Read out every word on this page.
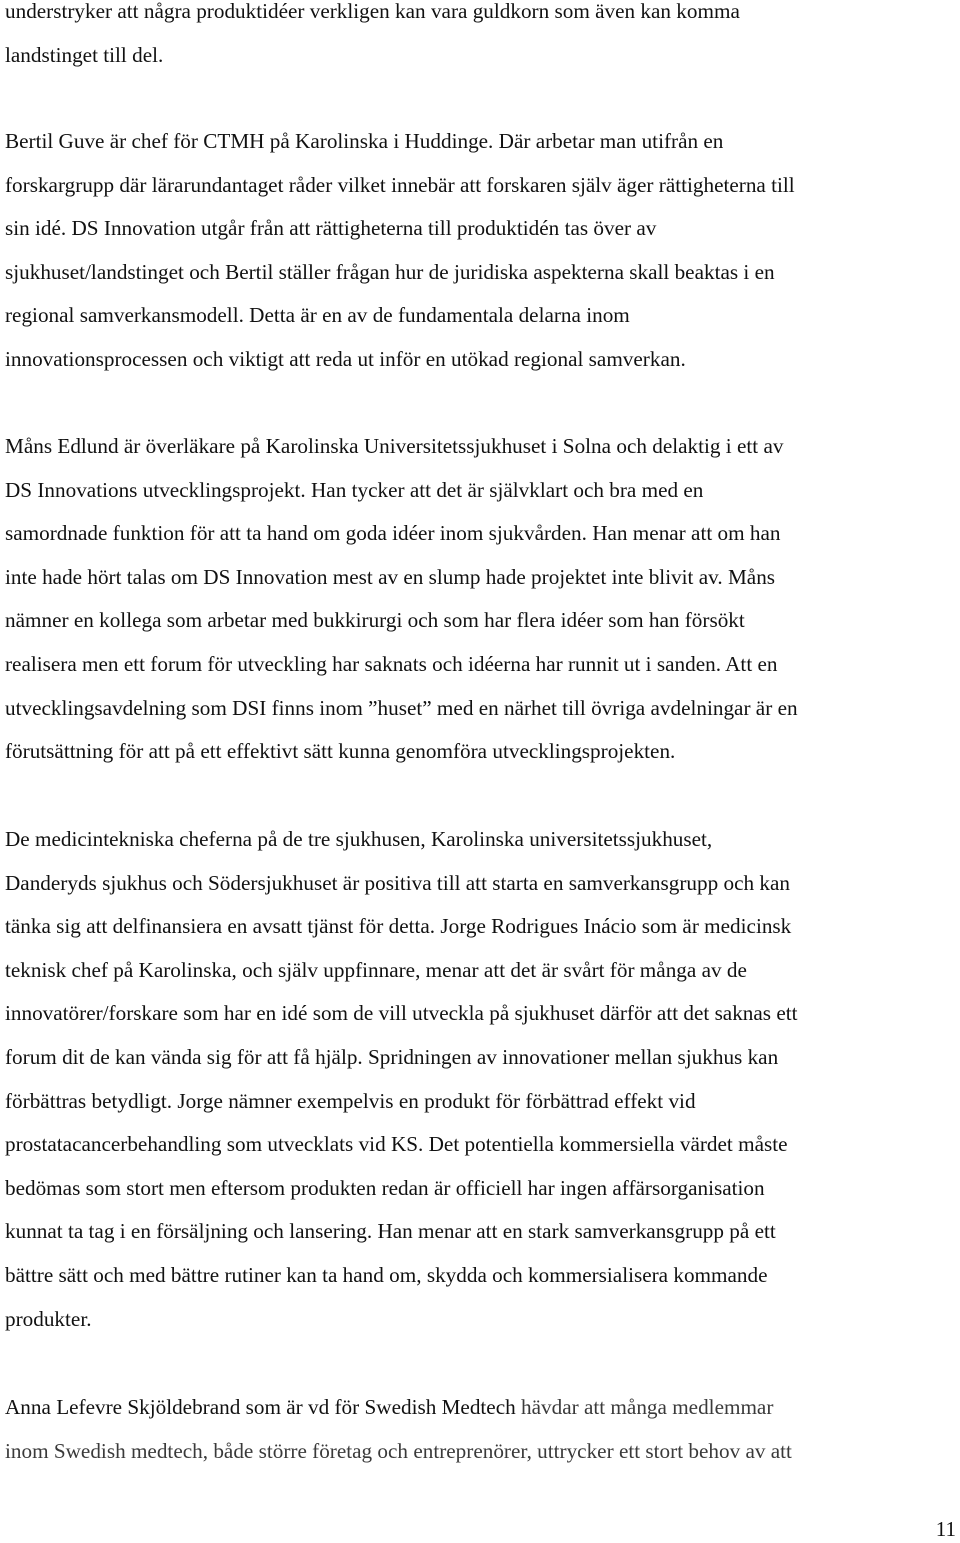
understryker att några produktidéer verkligen kan vara guldkorn som även kan komma
landstinget till del.
Bertil Guve är chef för CTMH på Karolinska i Huddinge. Där arbetar man utifrån en
forskargrupp där lärarundantaget råder vilket innebär att forskaren själv äger rättigheterna till
sin idé. DS Innovation utgår från att rättigheterna till produktidén tas över av
sjukhuset/landstinget och Bertil ställer frågan hur de juridiska aspekterna skall beaktas i en
regional samverkansmodell. Detta är en av de fundamentala delarna inom
innovationsprocessen och viktigt att reda ut inför en utökad regional samverkan.
Måns Edlund är överläkare på Karolinska Universitetssjukhuset i Solna och delaktig i ett av
DS Innovations utvecklingsprojekt. Han tycker att det är självklart och bra med en
samordnade funktion för att ta hand om goda idéer inom sjukvården. Han menar att om han
inte hade hört talas om DS Innovation mest av en slump hade projektet inte blivit av. Måns
nämner en kollega som arbetar med bukkirurgi och som har flera idéer som han försökt
realisera men ett forum för utveckling har saknats och idéerna har runnit ut i sanden. Att en
utvecklingsavdelning som DSI finns inom ”huset” med en närhet till övriga avdelningar är en
förutsättning för att på ett effektivt sätt kunna genomföra utvecklingsprojekten.
De medicintekniska cheferna på de tre sjukhusen, Karolinska universitetssjukhuset,
Danderyds sjukhus och Södersjukhuset är positiva till att starta en samverkansgrupp och kan
tänka sig att delfinansiera en avsatt tjänst för detta. Jorge Rodrigues Inácio som är medicinsk
teknisk chef på Karolinska, och själv uppfinnare, menar att det är svårt för många av de
innovatörer/forskare som har en idé som de vill utveckla på sjukhuset därför att det saknas ett
forum dit de kan vända sig för att få hjälp. Spridningen av innovationer mellan sjukhus kan
förbättras betydligt. Jorge nämner exempelvis en produkt för förbättrad effekt vid
prostatacancerbehandling som utvecklats vid KS. Det potentiella kommersiella värdet måste
bedömas som stort men eftersom produkten redan är officiell har ingen affärsorganisation
kunnat ta tag i en försäljning och lansering. Han menar att en stark samverkansgrupp på ett
bättre sätt och med bättre rutiner kan ta hand om, skydda och kommersialisera kommande
produkter.
Anna Lefevre Skjöldebrand som är vd för Swedish Medtech hävdar att många medlemmar
inom Swedish medtech, både större företag och entreprenörer, uttrycker ett stort behov av att
11
